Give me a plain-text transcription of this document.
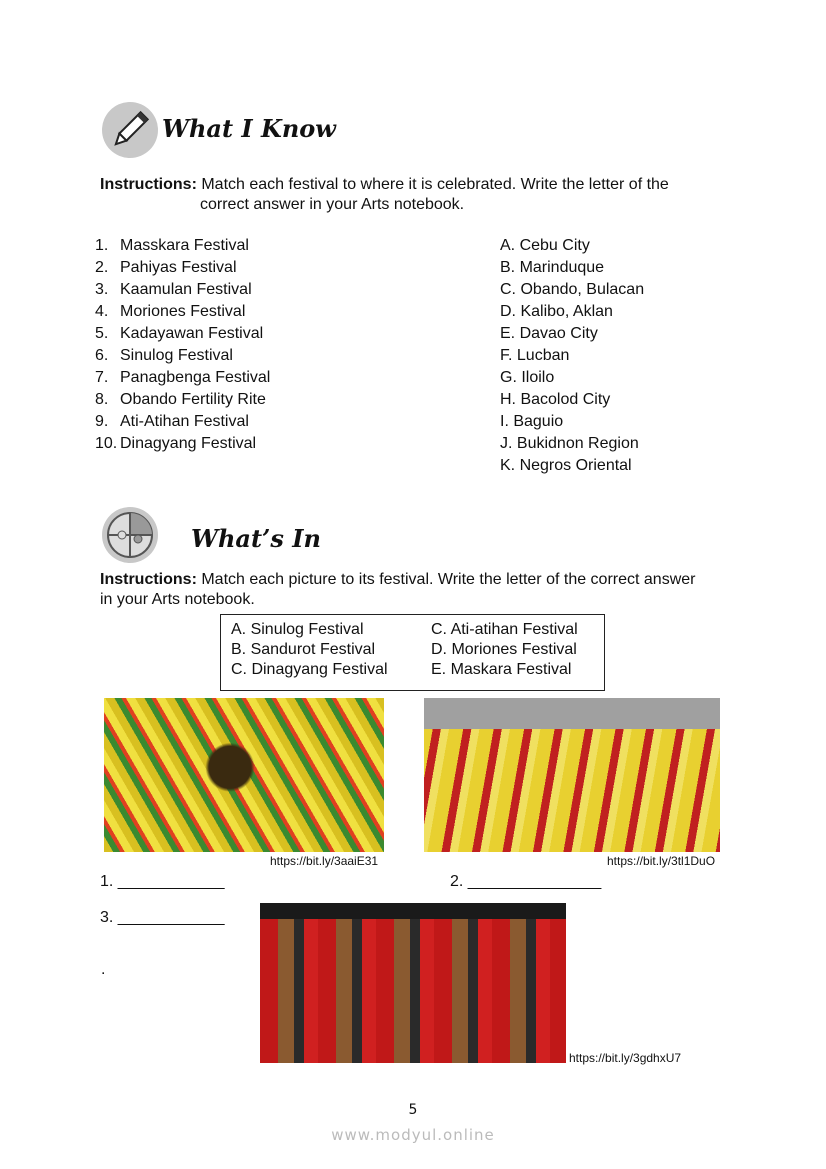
What I Know
Instructions: Match each festival to where it is celebrated. Write the letter of the
correct answer in your Arts notebook.
1. Masskara Festival
2. Pahiyas Festival
3. Kaamulan Festival
4. Moriones Festival
5. Kadayawan Festival
6. Sinulog Festival
7. Panagbenga Festival
8. Obando Fertility Rite
9. Ati-Atihan Festival
10. Dinagyang Festival
A. Cebu City
B. Marinduque
C. Obando, Bulacan
D. Kalibo, Aklan
E. Davao City
F. Lucban
G. Iloilo
H. Bacolod City
I. Baguio
J. Bukidnon Region
K. Negros Oriental
What’s In
Instructions: Match each picture to its festival. Write the letter of the correct answer
in your Arts notebook.
A. Sinulog Festival
B. Sandurot Festival
C. Dinagyang Festival
C. Ati-atihan Festival
D. Moriones Festival
E. Maskara Festival
https://bit.ly/3aaiE31
1. ____________
https://bit.ly/3tl1DuO
2. _______________
3. ____________
.
https://bit.ly/3gdhxU7
5
www.modyul.online
